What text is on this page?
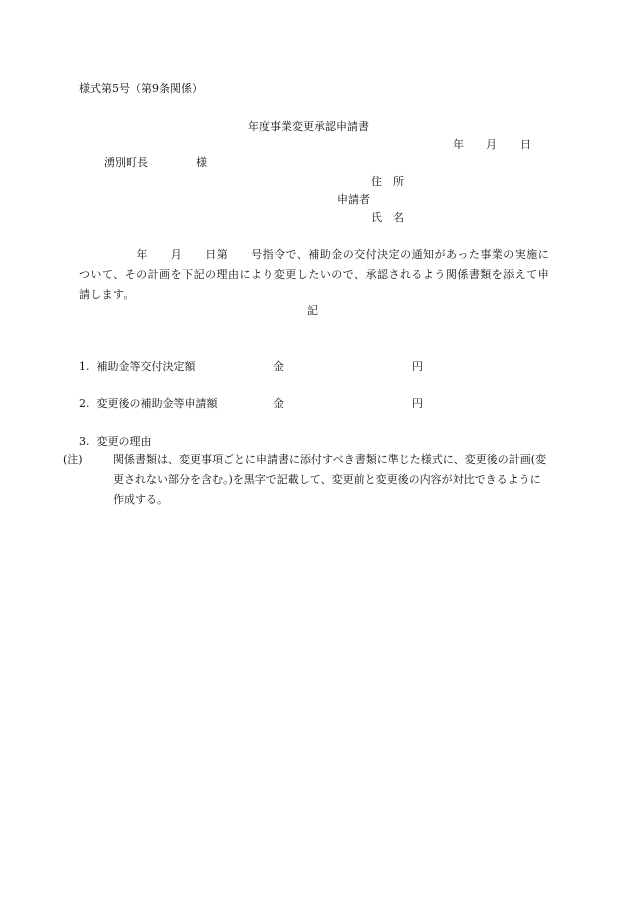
様式第5号（第9条関係）
年度事業変更承認申請書
年 月 日
湧別町長	様
住　所
申請者
氏　名
　　　　　年　　月　　日第　　号指令で、補助金の交付決定の通知があった事業の実施について、その計画を下記の理由により変更したいので、承認されるよう関係書類を添えて申請します。
記
1.  補助金等交付決定額	金	円
2.  変更後の補助金等申請額	金	円
3.  変更の理由
(注)	関係書類は、変更事項ごとに申請書に添付すべき書類に準じた様式に、変更後の計画(変更されない部分を含む。)を黒字で記載して、変更前と変更後の内容が対比できるように作成する。
